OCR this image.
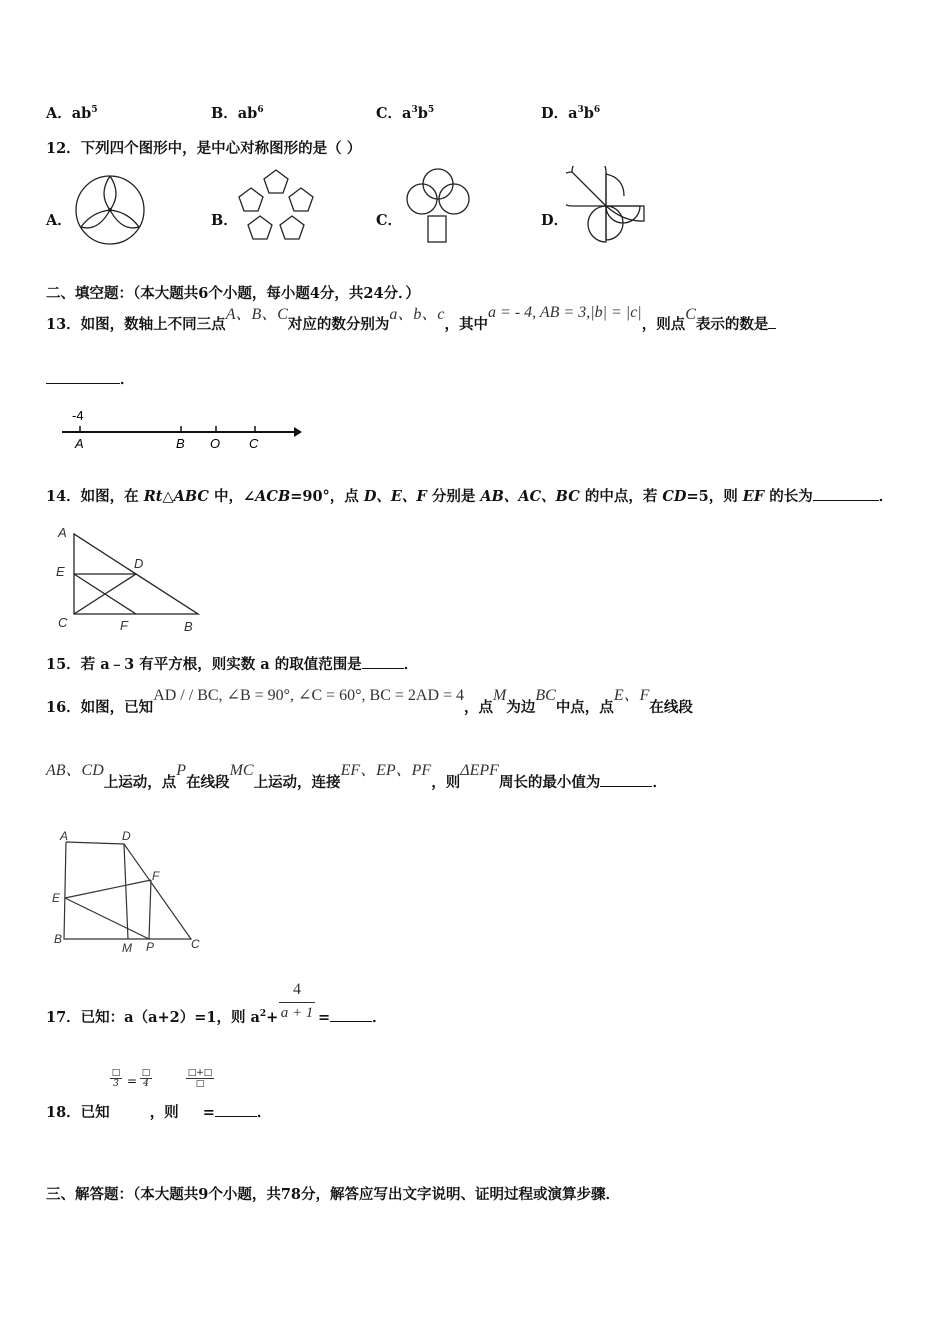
A．$ab^5$	B．$ab^6$	C．$a^3b^5$	D．$a^3b^6$
12．下列四个图形中，是中心对称图形的是（ ）
A．	B．	C．	D．
二、填空题：（本大题共6个小题，每小题4分，共24分．）
13．如图，数轴上不同三点A、B、C对应的数分别为a、b、c，其中a = - 4, AB = 3,|b| = |c|，则点C表示的数是
．
-4
A	B O C
14．如图，在 Rt△ABC 中，∠ACB=90°，点 D、E、F 分别是 AB、AC、BC 的中点，若 CD=5，则 EF 的长为	．
A
D
E
C	F	B
15．若 a﹣3 有平方根，则实数 a 的取值范围是	．
16．如图，已知AD / / BC, ∠B = 90°, ∠C = 60°, BC = 2AD = 4，点M为边BC中点，点E、F在线段
AB、CD上运动，点P在线段MC上运动，连接EF、EP、PF，则ΔEPF周长的最小值为	．
A	D
F
E
B
M P	C
17．已知：a（a+2）=1，则 $a^2+$
4
a + 1 =	．
□
3 =
□
4
□+□
□
18．已知	，则 =	．
三、解答题：（本大题共9个小题，共78分，解答应写出文字说明、证明过程或演算步骤．
